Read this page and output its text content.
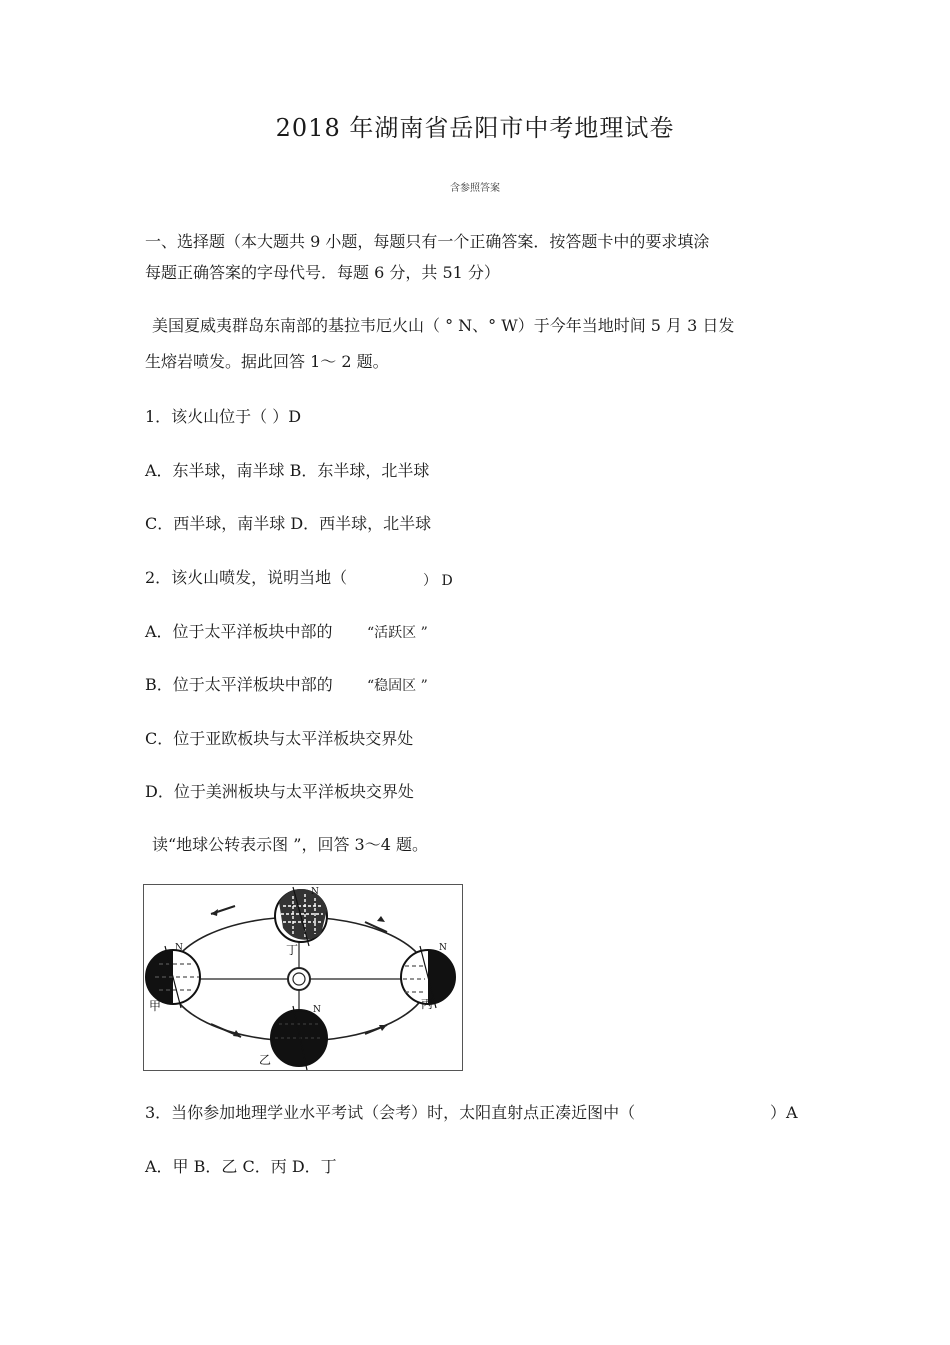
2018 年湖南省岳阳市中考地理试卷
含参照答案
一、选择题（本大题共 9 小题，每题只有一个正确答案．按答题卡中的要求填涂
每题正确答案的字母代号．每题 6 分，共 51 分）
美国夏威夷群岛东南部的基拉韦厄火山（ ° N、° W）于今年当地时间 5 月 3 日发
生熔岩喷发。据此回答 1～ 2 题。
1．该火山位于（ ）D
A．东半球，南半球 B．东半球，北半球
C．西半球，南半球 D．西半球，北半球
2．该火山喷发，说明当地（	） D
A．位于太平洋板块中部的 “活跃区 ”
B．位于太平洋板块中部的 “稳固区 ”
C．位于亚欧板块与太平洋板块交界处
D．位于美洲板块与太平洋板块交界处
读“地球公转表示图 ”，回答 3～4 题。
N
N	N
N
甲
乙
丙
丁
3．当你参加地理学业水平考试（会考）时，太阳直射点正凑近图中（	）A
A．甲 B．乙 C．丙 D．丁
